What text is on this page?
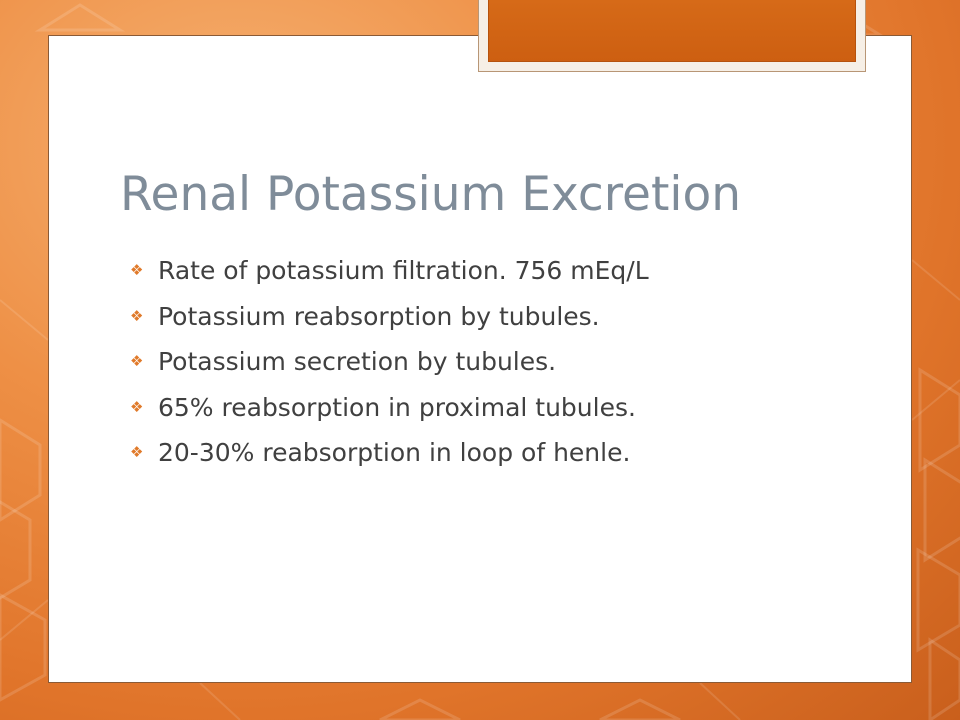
Renal Potassium Excretion
❖ Rate of potassium filtration. 756 mEq/L
❖ Potassium reabsorption by tubules.
❖ Potassium secretion by tubules.
❖ 65% reabsorption in proximal tubules.
❖ 20-30% reabsorption in loop of henle.
